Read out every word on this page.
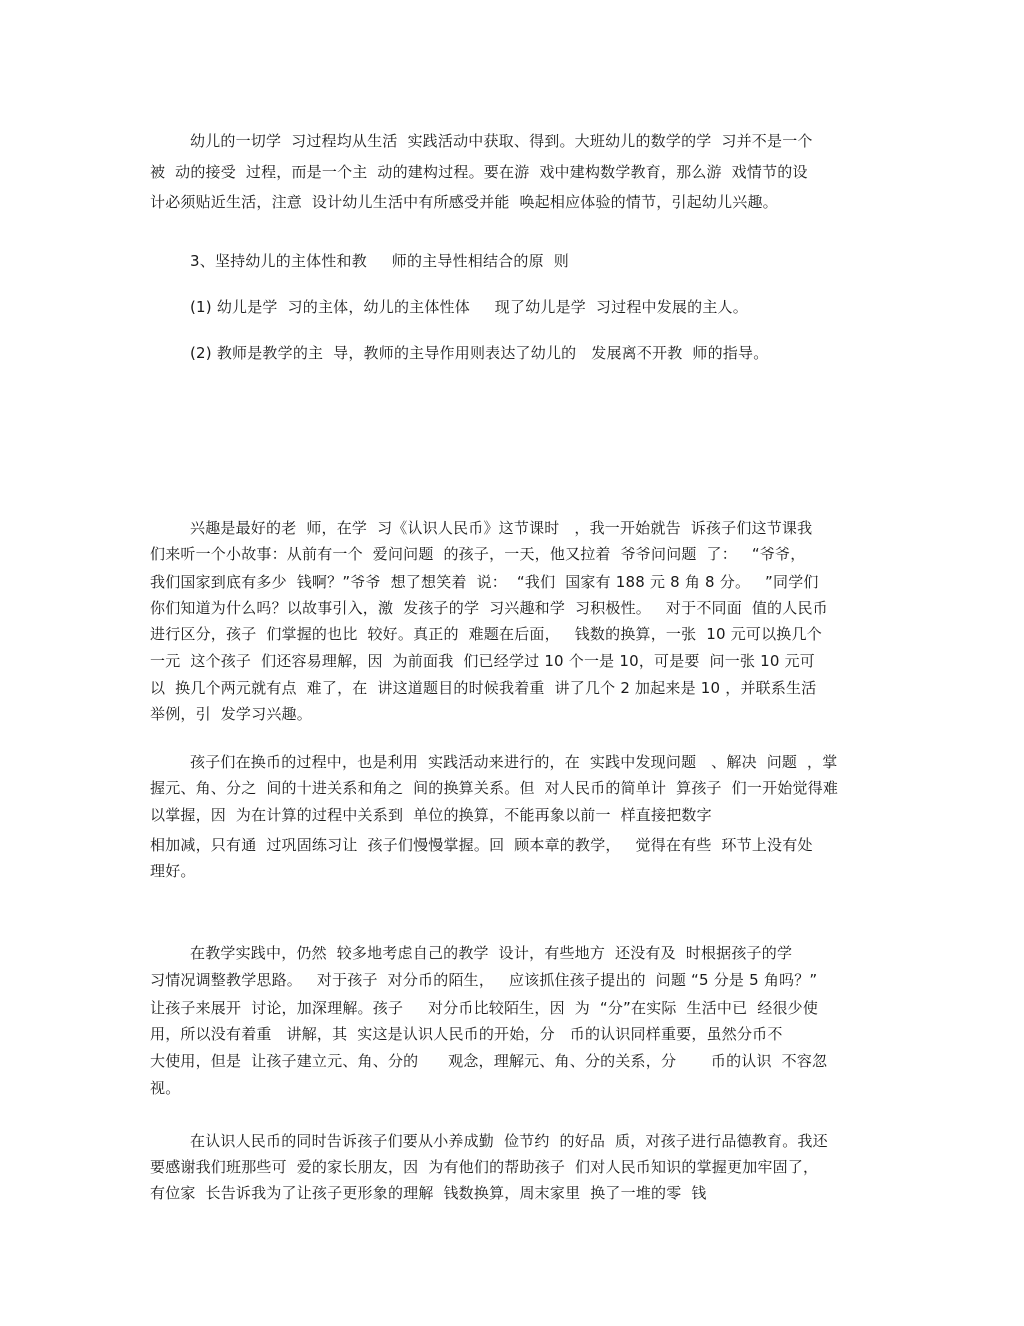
幼儿的一切学  习过程均从生活  实践活动中获取、得到。大班幼儿的数学的学  习并不是一个
被  动的接受  过程，而是一个主  动的建构过程。要在游  戏中建构数学教育，那么游  戏情节的设
计必须贴近生活，注意  设计幼儿生活中有所感受并能  唤起相应体验的情节，引起幼儿兴趣。
3、坚持幼儿的主体性和教     师的主导性相结合的原  则
(1) 幼儿是学  习的主体，幼儿的主体性体     现了幼儿是学  习过程中发展的主人。
(2) 教师是教学的主  导，教师的主导作用则表达了幼儿的   发展离不开教  师的指导。
兴趣是最好的老  师，在学  习《认识人民币》这节课时   ，我一开始就告  诉孩子们这节课我
们来听一个小故事：从前有一个  爱问问题  的孩子，一天，他又拉着  爷爷问问题  了：   “爷爷，
我们国家到底有多少  钱啊？”爷爷  想了想笑着  说：  “我们  国家有 188 元 8 角 8 分。   ”同学们
你们知道为什么吗？以故事引入，激  发孩子的学  习兴趣和学  习积极性。   对于不同面  值的人民币
进行区分，孩子  们掌握的也比  较好。真正的  难题在后面，   钱数的换算，一张  10 元可以换几个
一元  这个孩子  们还容易理解，因  为前面我  们已经学过 10 个一是 10，可是要  问一张 10 元可
以  换几个两元就有点  难了，在  讲这道题目的时候我着重  讲了几个 2 加起来是 10 ，并联系生活
举例，引  发学习兴趣。
孩子们在换币的过程中，也是利用  实践活动来进行的，在  实践中发现问题   、解决  问题  ，掌
握元、角、分之  间的十进关系和角之  间的换算关系。但  对人民币的简单计  算孩子  们一开始觉得难
以掌握，因  为在计算的过程中关系到  单位的换算，不能再象以前一  样直接把数字
相加减，只有通  过巩固练习让  孩子们慢慢掌握。回  顾本章的教学，   觉得在有些  环节上没有处
理好。
在教学实践中，仍然  较多地考虑自己的教学  设计，有些地方  还没有及  时根据孩子的学
习情况调整教学思路。   对于孩子  对分币的陌生，   应该抓住孩子提出的  问题 “5 分是 5 角吗？”
让孩子来展开  讨论，加深理解。孩子     对分币比较陌生，因  为  “分”在实际  生活中已  经很少使
用，所以没有着重   讲解，其  实这是认识人民币的开始，分   币的认识同样重要，虽然分币不
大使用，但是  让孩子建立元、角、分的      观念，理解元、角、分的关系，分       币的认识  不容忽
视。
在认识人民币的同时告诉孩子们要从小养成勤  俭节约  的好品  质，对孩子进行品德教育。我还
要感谢我们班那些可  爱的家长朋友，因  为有他们的帮助孩子  们对人民币知识的掌握更加牢固了，
有位家  长告诉我为了让孩子更形象的理解  钱数换算，周末家里  换了一堆的零  钱
